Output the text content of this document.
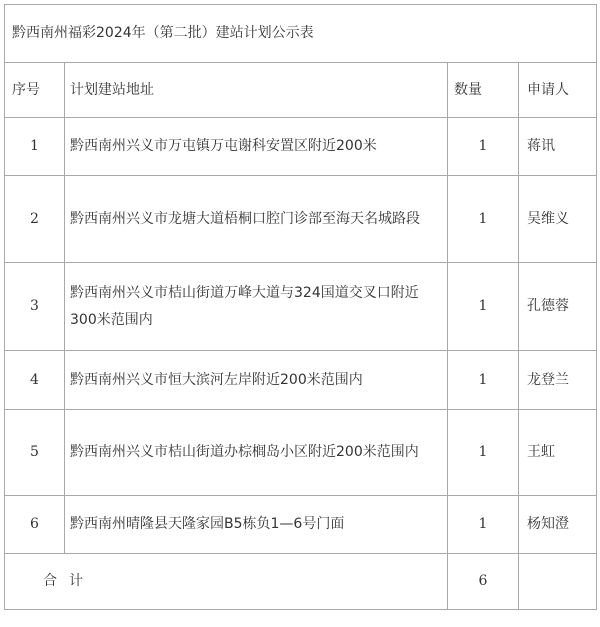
黔西南州福彩2024年（第二批）建站计划公示表			
序号	计划建站地址	数量	申请人
1	黔西南州兴义市万屯镇万屯谢科安置区附近200米	1	蒋讯
2	黔西南州兴义市龙塘大道梧桐口腔门诊部至海天名城路段	1	吴维义
3	黔西南州兴义市桔山街道万峰大道与324国道交叉口附近300米范围内	1	孔德蓉
4	黔西南州兴义市恒大滨河左岸附近200米范围内	1	龙登兰
5	黔西南州兴义市桔山街道办棕榈岛小区附近200米范围内	1	王虹
6	黔西南州晴隆县天隆家园B5栋负1—6号门面	1	杨知澄
合计		6	
